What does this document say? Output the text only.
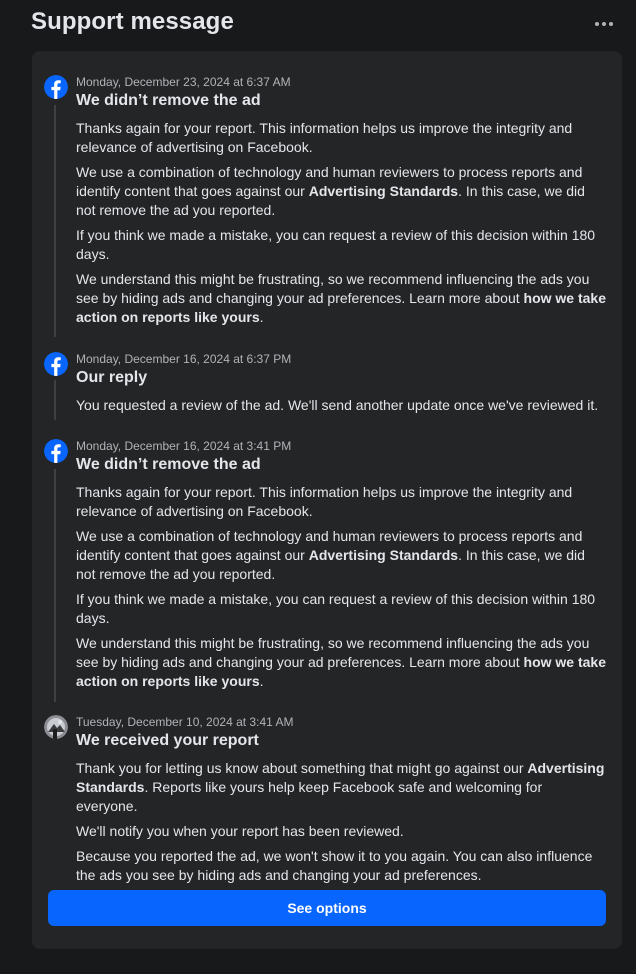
Support message
Monday, December 23, 2024 at 6:37 AM
We didn’t remove the ad

Thanks again for your report. This information helps us improve the integrity and relevance of advertising on Facebook.

We use a combination of technology and human reviewers to process reports and identify content that goes against our Advertising Standards. In this case, we did not remove the ad you reported.

If you think we made a mistake, you can request a review of this decision within 180 days.

We understand this might be frustrating, so we recommend influencing the ads you see by hiding ads and changing your ad preferences. Learn more about how we take action on reports like yours.

Monday, December 16, 2024 at 6:37 PM
Our reply

You requested a review of the ad. We'll send another update once we've reviewed it.

Monday, December 16, 2024 at 3:41 PM
We didn’t remove the ad

Thanks again for your report. This information helps us improve the integrity and relevance of advertising on Facebook.

We use a combination of technology and human reviewers to process reports and identify content that goes against our Advertising Standards. In this case, we did not remove the ad you reported.

If you think we made a mistake, you can request a review of this decision within 180 days.

We understand this might be frustrating, so we recommend influencing the ads you see by hiding ads and changing your ad preferences. Learn more about how we take action on reports like yours.

Tuesday, December 10, 2024 at 3:41 AM
We received your report

Thank you for letting us know about something that might go against our Advertising Standards. Reports like yours help keep Facebook safe and welcoming for everyone.

We'll notify you when your report has been reviewed.

Because you reported the ad, we won't show it to you again. You can also influence the ads you see by hiding ads and changing your ad preferences.

See options
